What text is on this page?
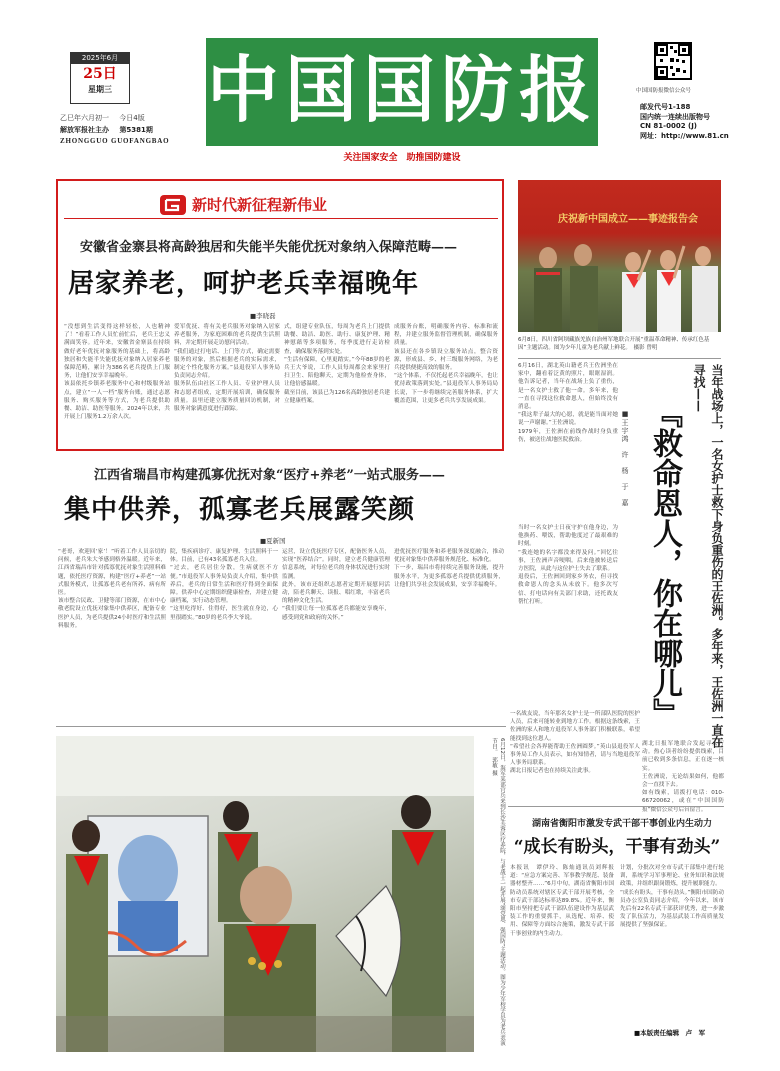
2025年6月
25日
星期三
乙巳年六月初一 今日4版
解放军报社主办 第5381期
ZHONGGUO GUOFANGBAO
中国国防报
关注国家安全　助推国防建设
中国国防报微信公众号
邮发代号1-188
国内统一连续出版物号
CN 81-0002 (J)
网址：http://www.81.cn
新时代新征程新伟业
安徽省金寨县将高龄独居和失能半失能优抚对象纳入保障范畴——
居家养老，呵护老兵幸福晚年
■李晓磊
“没想到生活变得这样轻松，人也精神了！”看着工作人员忙前忙后，老兵王忠义满面笑容。近年来，安徽省金寨县在持续做好老年优抚对象服务的基础上，将高龄独居和失能半失能优抚对象纳入居家养老保障范畴，累计为386名老兵提供上门服务，让他们安享幸福晚年。
该县依托乡镇养老服务中心和村级服务站点，建立“一人一档”服务台账，通过志愿服务、购买服务等方式，为老兵提供助餐、助洁、助医等服务。2024年以来，共开展上门服务1.2万余人次。
爱军优抚、将有关老兵服务对象纳入居家养老服务，为家庭困难的老兵提供生活照料，并定期开展走访慰问活动。
“我们通过打电话、上门等方式，确定需要服务的对象，然后根据老兵的实际需求，制定个性化服务方案。”县退役军人事务局负责同志介绍。
服务队伍由社区工作人员、专业护理人员和志愿者组成，定期开展培训，确保服务质量。县里还建立服务质量回访机制，对服务对象满意度进行跟踪。
式，组建专业队伍，每周为老兵上门提供助餐、助洁、助医、助行、康复护理、精神慰藉等多项服务，每季度进行走访检查，确保服务落到实处。
“生活有保障，心里更踏实。”今年88岁的老兵王大爷说，工作人员每周都会来家里打扫卫生、陪他聊天，定期为他检查身体，让他倍感温暖。
截至目前，该县已为126名高龄独居老兵建立健康档案。
成服务台账，明确服务内容、标准和流程，并建立服务监督管理机制，确保服务质量。
该县还在各乡镇设立服务站点，整合资源，形成县、乡、村三级服务网络，为老兵提供便捷高效的服务。
“这个体系，不仅托起老兵幸福晚年，也让优待政策落到实处。”县退役军人事务局局长说，下一步将继续完善服务体系，扩大覆盖范围，让更多老兵共享发展成果。
庆祝新中国成立——事迹报告会
6月8日，四川省阿坝藏族羌族自治州军地联合开展“重温革命精神、传承红色基因”主题活动。图为少年儿童为老兵献上鲜花。　摄影 曾明
江西省瑞昌市构建孤寡优抚对象“医疗+养老”一站式服务——
集中供养，孤寡老兵展露笑颜
■夏新国
“老哥，欢迎回‘家’！”听着工作人员亲切的问候，老兵朱大爷感到格外温暖。近年来，江西省瑞昌市针对孤寡优抚对象生活照料难题，依托医疗资源，构建“医疗+养老”一站式服务模式，让孤寡老兵老有所养、病有所医。
该市整合民政、卫健等部门资源，在市中心敬老院设立优抚对象集中供养区，配备专业医护人员，为老兵提供24小时医疗和生活照料服务。
院，集疾病诊疗、康复护理、生活照料于一体。目前，已有43名孤寡老兵入住。
“过去，老兵居住分散，生病就医不方便。”市退役军人事务局负责人介绍，集中供养后，老兵的日常生活和医疗得到全面保障。供养中心定期组织健康检查，并建立健康档案，实行动态管理。
“这里吃得好、住得好，医生就在身边，心里很踏实。”80岁的老兵李大爷说。
运营，设立优抚医疗专区，配备医务人员，实现“医养结合”。同时，建立老兵健康管理信息系统，对每位老兵的身体状况进行实时监测。
此外，该市还组织志愿者定期开展慰问活动，陪老兵聊天、读报、唱红歌，丰富老兵的精神文化生活。
“我们要让每一位孤寡老兵都能安享晚年，感受到党和政府的关怀。”
进优抚医疗服务和养老服务深度融合，推动优抚对象集中供养服务规范化、标准化。
下一步，瑞昌市将持续完善服务设施，提升服务水平，为更多孤寡老兵提供优质服务，让他们共享社会发展成果，安享幸福晚年。
6月16日，湖北英山籍老兵王佐洲坐在家中，翻看着泛黄的照片，眼眶湿润。他告诉记者，当年在战场上负了重伤，是一名女护士救了他一命。多年来，他一直在寻找这位救命恩人，但始终没有消息。
“我这辈子最大的心愿，就是能当面对她说一声谢谢。”王佐洲说。
1979年，王佐洲在前线作战时身负重伤，被送往战地医院救治。
当时一名女护士日夜守护在他身边，为他换药、喂饭，帮助他度过了最艰难的时刻。
“我连她的名字都没来得及问。”回忆往事，王佐洲声音哽咽。后来他被转送后方医院，从此与这位护士失去了联系。
退役后，王佐洲回到家乡务农，但寻找救命恩人的念头从未放下。他多次写信、打电话向有关部门求助，还托战友帮忙打听。
一名战友说，当年那名女护士是一所部队医院的医护人员，后来可能转业到地方工作。根据这条线索，王佐洲的家人和地方退役军人事务部门积极联系，希望能找到这位恩人。
“希望社会各界能帮助王佐洲圆梦。”英山县退役军人事务局工作人员表示，如有知情者，请与当地退役军人事务局联系。
湖北日报记者也在持续关注此事。
■王宇鸿　许　杨　于　嘉 『救命恩人，你在哪儿』	当年战场上，一名女护士救下身负重伤的王佐洲。多年来，王佐洲一直在寻找——
湖北日报军地联合发起寻人行动。热心读者纷纷提供线索，目前已收到多条信息，正在逐一核实。
王佐洲说，无论结果如何，他都会一直找下去。
如有线索，请拨打电话：010-66720062，或在“中国国防报”微信公众号后台留言。
6月12日，海军某部官兵来到长沙芙蓉区疗养院，与老战士一起开展“颂党恩、强国防”主题活动。图为少年军校学员为老兵表演节目。　郭敏 摄
湖南省衡阳市激发专武干部干事创业内生动力
“成长有盼头，干事有劲头”
本报讯　谭伊玲、陈灿通讯员刘辉报道：“应急方案完善、军事教学规范、装备器材整齐……”6月中旬，湖南省衡阳市国防动员系统对辖区专武干部开展考核，全市专武干部达标率达89.8%。近年来，衡阳市坚持把专武干部队伍建设作为基层武装工作的重要抓手，从选配、培养、使用、保障等方面综合施策，激发专武干部干事创业的内生动力。
计划，分批次对全市专武干部集中进行轮训，系统学习军事理论、业务知识和法规政策，并组织跟岗锻炼，提升履职能力。
“成长有盼头，干事有劲头。”衡阳市国防动员办公室负责同志介绍，今年以来，该市先后有22名专武干部获评优秀，进一步激发了队伍活力，为基层武装工作高质量发展提供了坚强保证。
■本版责任编辑　卢　军
